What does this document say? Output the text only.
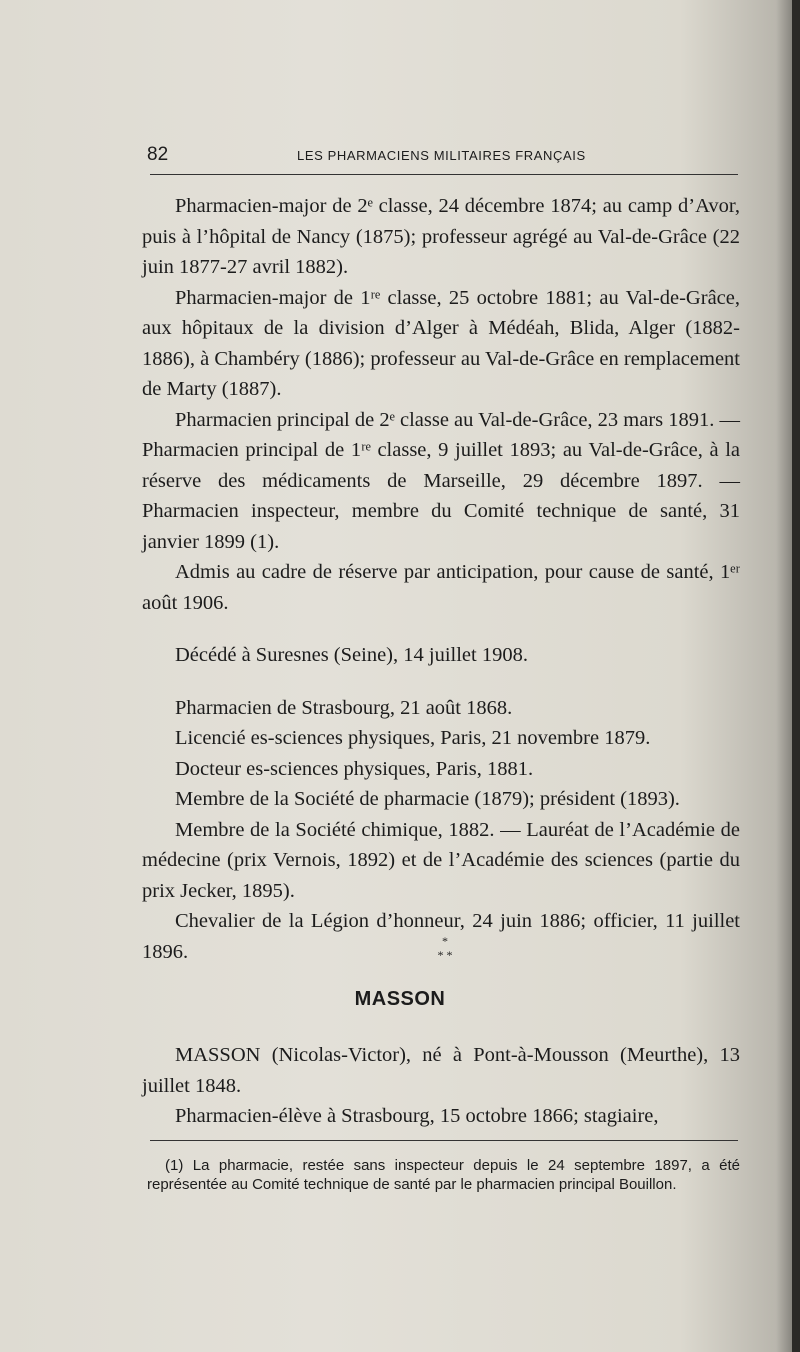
82	LES PHARMACIENS MILITAIRES FRANÇAIS

Pharmacien-major de 2ᵉ classe, 24 décembre 1874; au camp d’Avor, puis à l’hôpital de Nancy (1875); professeur agrégé au Val-de-Grâce (22 juin 1877-27 avril 1882).

Pharmacien-major de 1ʳᵉ classe, 25 octobre 1881; au Val-de-Grâce, aux hôpitaux de la division d’Alger à Médéah, Blida, Alger (1882-1886), à Chambéry (1886); professeur au Val-de-Grâce en remplacement de Marty (1887).

Pharmacien principal de 2ᵉ classe au Val-de-Grâce, 23 mars 1891. — Pharmacien principal de 1ʳᵉ classe, 9 juillet 1893; au Val-de-Grâce, à la réserve des médicaments de Marseille, 29 décembre 1897. — Pharmacien inspecteur, membre du Comité technique de santé, 31 janvier 1899 (1).

Admis au cadre de réserve par anticipation, pour cause de santé, 1ᵉʳ août 1906.

Décédé à Suresnes (Seine), 14 juillet 1908.

Pharmacien de Strasbourg, 21 août 1868.

Licencié es-sciences physiques, Paris, 21 novembre 1879.

Docteur es-sciences physiques, Paris, 1881.

Membre de la Société de pharmacie (1879); président (1893).

Membre de la Société chimique, 1882. — Lauréat de l’Académie de médecine (prix Vernois, 1892) et de l’Académie des sciences (partie du prix Jecker, 1895).

Chevalier de la Légion d’honneur, 24 juin 1886; officier, 11 juillet 1896.	*
* *
MASSON

MASSON (Nicolas-Victor), né à Pont-à-Mousson (Meurthe), 13 juillet 1848.

Pharmacien-élève à Strasbourg, 15 octobre 1866; stagiaire,

(1) La pharmacie, restée sans inspecteur depuis le 24 septembre 1897, a été représentée au Comité technique de santé par le pharmacien principal Bouillon.
